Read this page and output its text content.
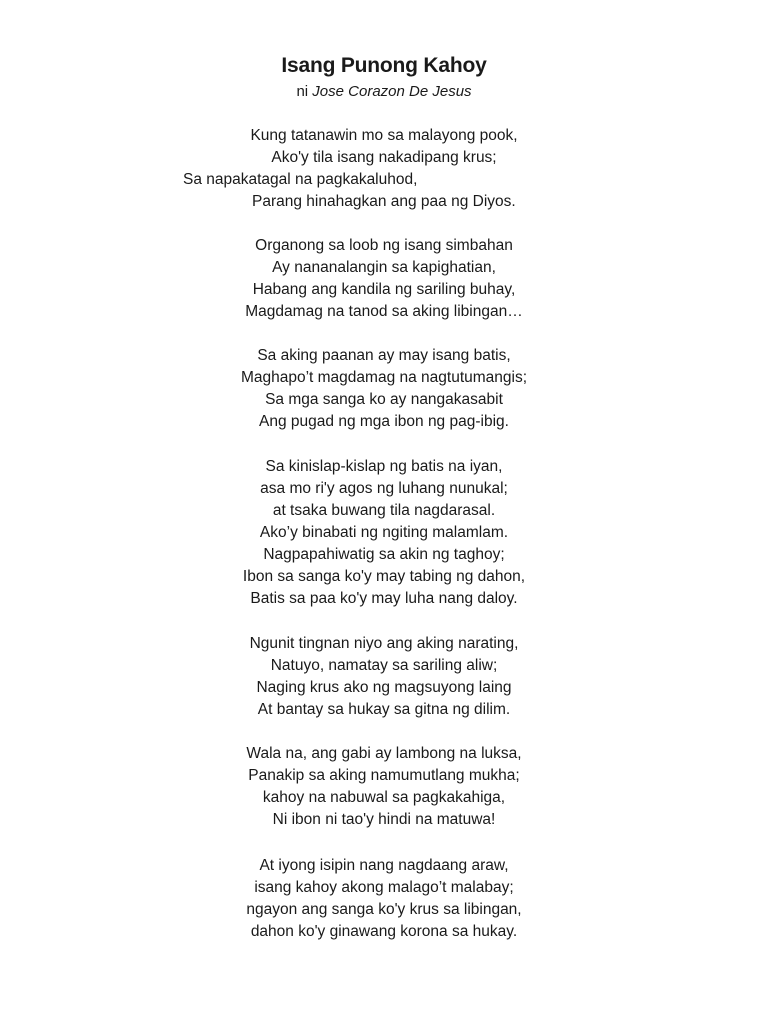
Isang Punong Kahoy
ni Jose Corazon De Jesus
Kung tatanawin mo sa malayong pook,
Ako'y tila isang nakadipang krus;
Sa napakatagal na pagkakaluhod,
Parang hinahagkan ang paa ng Diyos.
Organong sa loob ng isang simbahan
Ay nananalangin sa kapighatian,
Habang ang kandila ng sariling buhay,
Magdamag na tanod sa aking libingan…
Sa aking paanan ay may isang batis,
Maghapo’t magdamag na nagtutumangis;
Sa mga sanga ko ay nangakasabit
Ang pugad ng mga ibon ng pag-ibig.
Sa kinislap-kislap ng batis na iyan,
asa mo ri'y agos ng luhang nunukal;
at tsaka buwang tila nagdarasal.
Ako’y binabati ng ngiting malamlam.
Nagpapahiwatig sa akin ng taghoy;
Ibon sa sanga ko'y may tabing ng dahon,
Batis sa paa ko'y may luha nang daloy.
Ngunit tingnan niyo ang aking narating,
Natuyo, namatay sa sariling aliw;
Naging krus ako ng magsuyong laing
At bantay sa hukay sa gitna ng dilim.
Wala na, ang gabi ay lambong na luksa,
Panakip sa aking namumutlang mukha;
kahoy na nabuwal sa pagkakahiga,
Ni ibon ni tao'y hindi na matuwa!
At iyong isipin nang nagdaang araw,
isang kahoy akong malago’t malabay;
ngayon ang sanga ko'y krus sa libingan,
dahon ko'y ginawang korona sa hukay.
